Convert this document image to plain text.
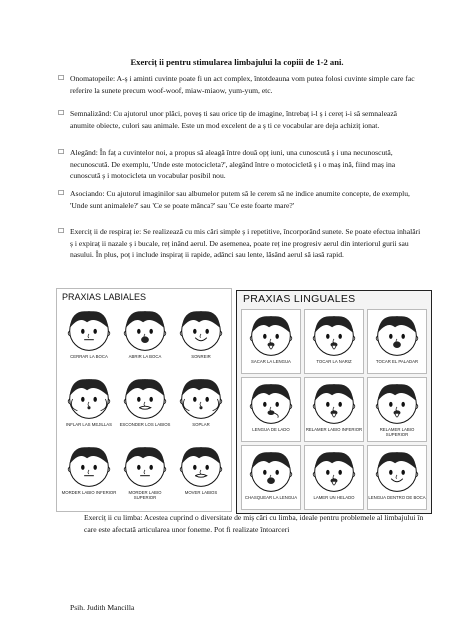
Exerciț ii pentru stimularea limbajului la copiii de 1-2 ani.
☐ Onomatopeile: A-ș i aminti cuvinte poate fi un act complex, întotdeauna vom putea folosi cuvinte simple care fac referire la sunete precum woof-woof, miaw-miaow, yum-yum, etc.
☐ Semnalizând: Cu ajutorul unor plăci, poveș ti sau orice tip de imagine, întrebaț i-l ș i cereț i-i să semnaleazǎ anumite obiecte, culori sau animale. Este un mod excelent de a ș ti ce vocabular are deja achiziț ionat.
☐ Alegând: În faț a cuvintelor noi, a propus să aleagă între două opț iuni, una cunoscută ș i una necunoscută, necunoscută. De exemplu, 'Unde este motocicleta?', alegând între o motocicletă ș i o maș ină, fiind maș ina cunoscută ș i motocicleta un vocabular posibil nou.
☐ Asociando: Cu ajutorul imaginilor sau albumelor putem să le cerem să ne indice anumite concepte, de exemplu, 'Unde sunt animalele?' sau 'Ce se poate mânca?' sau 'Ce este foarte mare?'
☐ Exerciț ii de respiraț ie: Se realizeazǎ cu mis cări simple ș i repetitive, încorporând sunete. Se poate efectua inhalări ș i expiraț ii nazale ș i bucale, reț inând aerul. De asemenea, poate reț ine progresiv aerul din interiorul gurii sau nasului. În plus, poț i include inspiraț ii rapide, adânci sau lente, lăsând aerul să iasă rapid.
PRAXIAS LABIALES
CERRAR LA BOCA	ABRIR LA BOCA	SONREIR
INFLAR LAS MEJILLAS	ESCONDER LOS LABIOS	SOPLAR
MORDER LABIO INFERIOR	MORDER LABIO SUPERIOR
MOVER LABIOS
PRAXIAS LINGUALES
SACAR LA LENGUA	TOCAR LA NARIZ	TOCAR EL PALADAR
LENGUA DE LADO	RELAMER LABIO INFERIOR	RELAMER LABIO SUPERIOR
CHASQUEAR LA LENGUA	LAMER UN HELADO	LENGUA DENTRO DE BOCA
Exerciț ii cu limba: Acestea cuprind o diversitate de miș cări cu limba, ideale pentru problemele al limbajului în care este afectată articularea unor foneme. Pot fi realizate întoarceri
Psih. Judith Mancilla
